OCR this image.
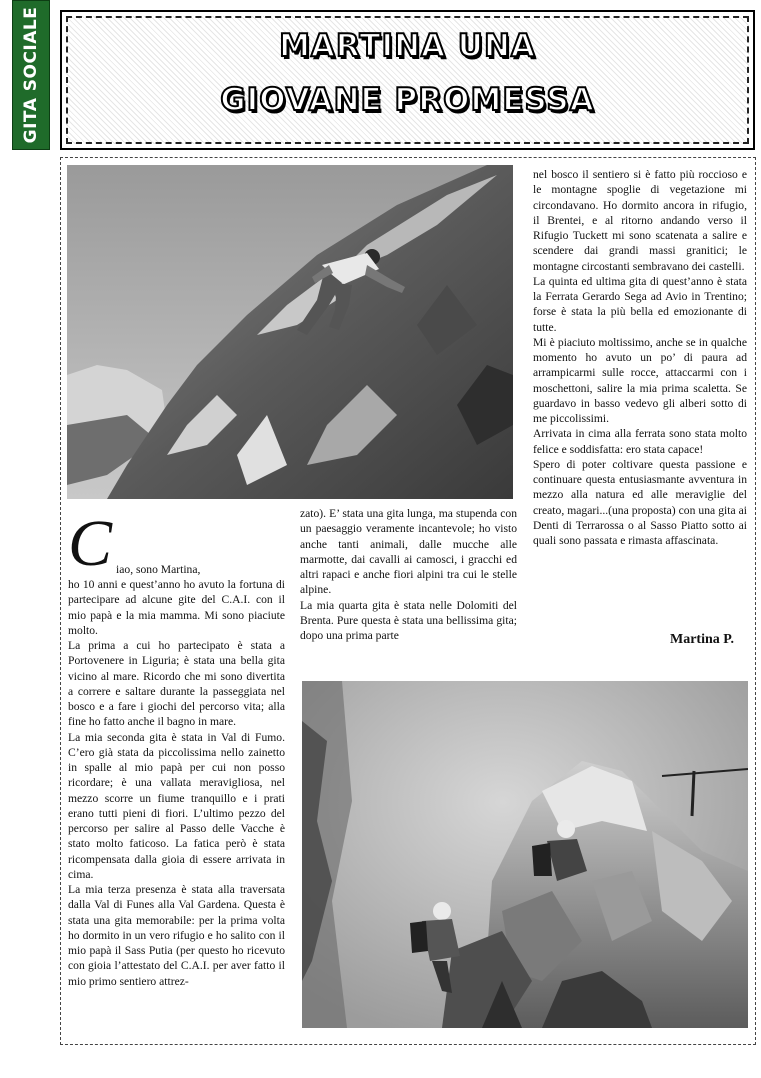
GITA SOCIALE	MARTINA UNA
GIOVANE PROMESSA

C iao, sono Martina,

ho 10 anni e quest’anno ho avuto la fortuna di partecipare ad alcune gite del C.A.I. con il mio papà e la mia mamma. Mi sono piaciute molto.

La prima a cui ho partecipato è stata a Portovenere in Liguria; è stata una bella gita vicino al mare. Ricordo che mi sono divertita a correre e saltare durante la passeggiata nel bosco e a fare i giochi del percorso vita; alla fine ho fatto anche il bagno in mare.

La mia seconda gita è stata in Val di Fumo. C’ero già stata da piccolissima nello zainetto in spalle al mio papà per cui non posso ricordare; è una vallata meravigliosa, nel mezzo scorre un fiume tranquillo e i prati erano tutti pieni di fiori. L’ultimo pezzo del percorso per salire al Passo delle Vacche è stato molto faticoso. La fatica però è stata ricompensata dalla gioia di essere arrivata in cima.

La mia terza presenza è stata alla traversata dalla Val di Funes alla Val Gardena. Questa è stata una gita memorabile: per la prima volta ho dormito in un vero rifugio e ho salito con il mio papà il Sass Putia (per questo ho ricevuto con gioia l’attestato del C.A.I. per aver fatto il mio primo sentiero attrez-

zato). E’ stata una gita lunga, ma stupenda con un paesaggio veramente incantevole; ho visto anche tanti animali, dalle mucche alle marmotte, dai cavalli ai camosci, i gracchi ed altri rapaci e anche fiori alpini tra cui le stelle alpine.

La mia quarta gita è stata nelle Dolomiti del Brenta. Pure questa è stata una bellissima gita; dopo una prima parte

nel bosco il sentiero si è fatto più roccioso e le montagne spoglie di vegetazione mi circondavano. Ho dormito ancora in rifugio, il Brentei, e al ritorno andando verso il Rifugio Tuckett mi sono scatenata a salire e scendere dai grandi massi granitici; le montagne circostanti sembravano dei castelli.

La quinta ed ultima gita di quest’anno è stata la Ferrata Gerardo Sega ad Avio in Trentino; forse è stata la più bella ed emozionante di tutte.

Mi è piaciuto moltissimo, anche se in qualche momento ho avuto un po’ di paura ad arrampicarmi sulle rocce, attaccarmi con i moschettoni, salire la mia prima scaletta. Se guardavo in basso vedevo gli alberi sotto di me piccolissimi.

Arrivata in cima alla ferrata sono stata molto felice e soddisfatta: ero stata capace!

Spero di poter coltivare questa passione e continuare questa entusiasmante avventura in mezzo alla natura ed alle meraviglie del creato, magari...(una proposta) con una gita ai Denti di Terrarossa o al Sasso Piatto sotto ai quali sono passata e rimasta affascinata.

Martina P.
